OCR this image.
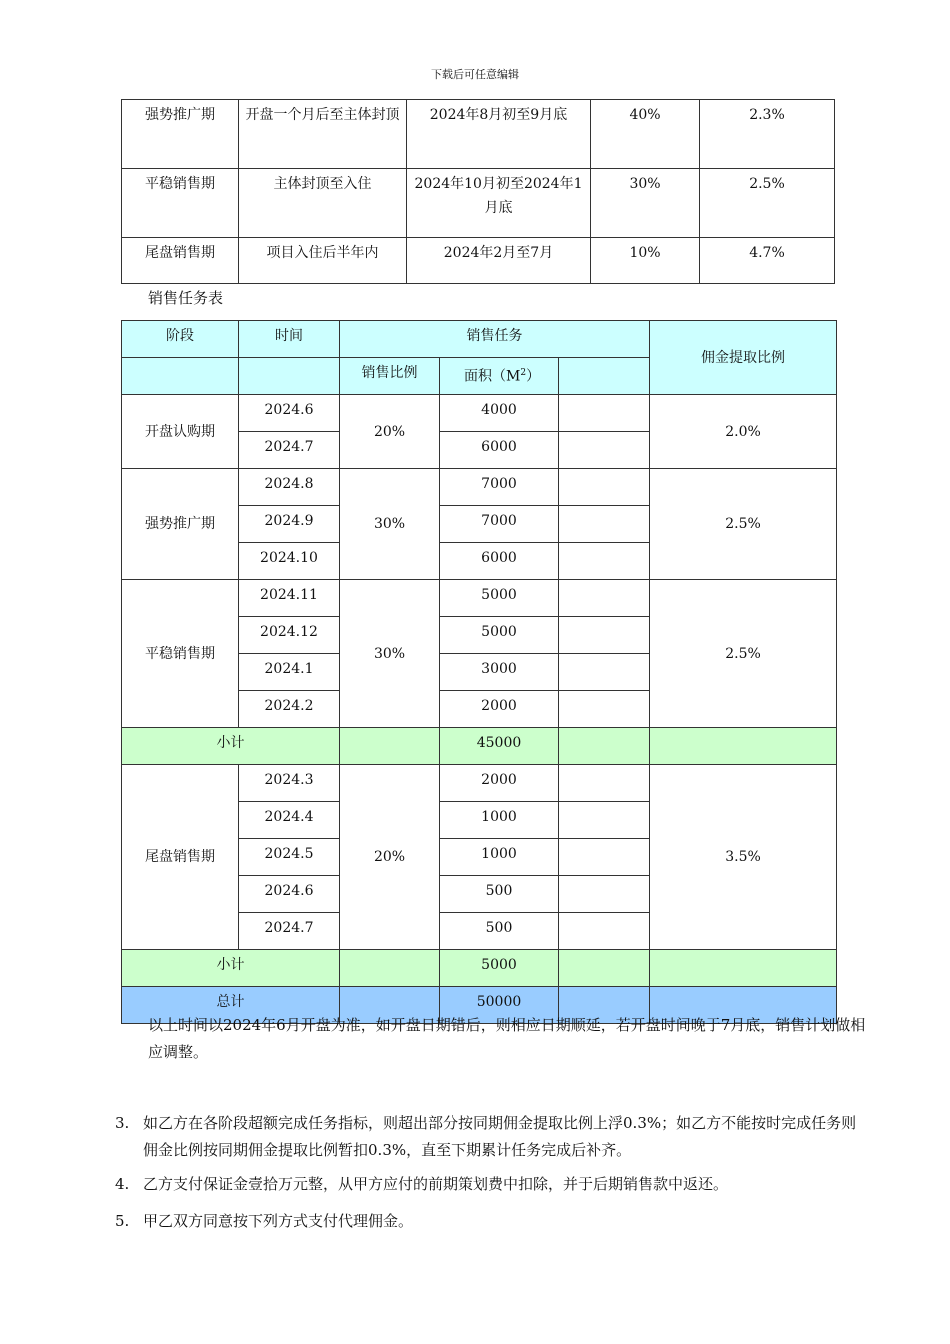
下载后可任意编辑
强势推广期	开盘一个月后至主体封顶	2024年8月初至9月底	40%	2.3%
平稳销售期	主体封顶至入住	2024年10月初至2024年1月底	30%	2.5%
尾盘销售期	项目入住后半年内	2024年2月至7月	10%	4.7%
销售任务表
阶段	时间	销售任务			佣金提取比例
		销售比例	面积$(M^2)$		
开盘认购期	2024.6	20%	4000		2.0%
	2024.7		6000		
强势推广期	2024.8	30%	7000		2.5%
	2024.9		7000		
	2024.10		6000		
平稳销售期	2024.11	30%	5000		2.5%
	2024.12		5000		
	2024.1		3000		
	2024.2		2000		
小计			45000		
尾盘销售期	2024.3	20%	2000		3.5%
	2024.4		1000		
	2024.5		1000		
	2024.6		500		
	2024.7		500		
小计			5000		
总计			50000		
以上时间以2024年6月开盘为准，如开盘日期错后，则相应日期顺延，若开盘时间晚于7月底，销售计划做相应调整。
3. 如乙方在各阶段超额完成任务指标，则超出部分按同期佣金提取比例上浮0.3%；如乙方不能按时完成任务则佣金比例按同期佣金提取比例暂扣0.3%，直至下期累计任务完成后补齐。
4. 乙方支付保证金壹拾万元整，从甲方应付的前期策划费中扣除，并于后期销售款中返还。
5. 甲乙双方同意按下列方式支付代理佣金。
